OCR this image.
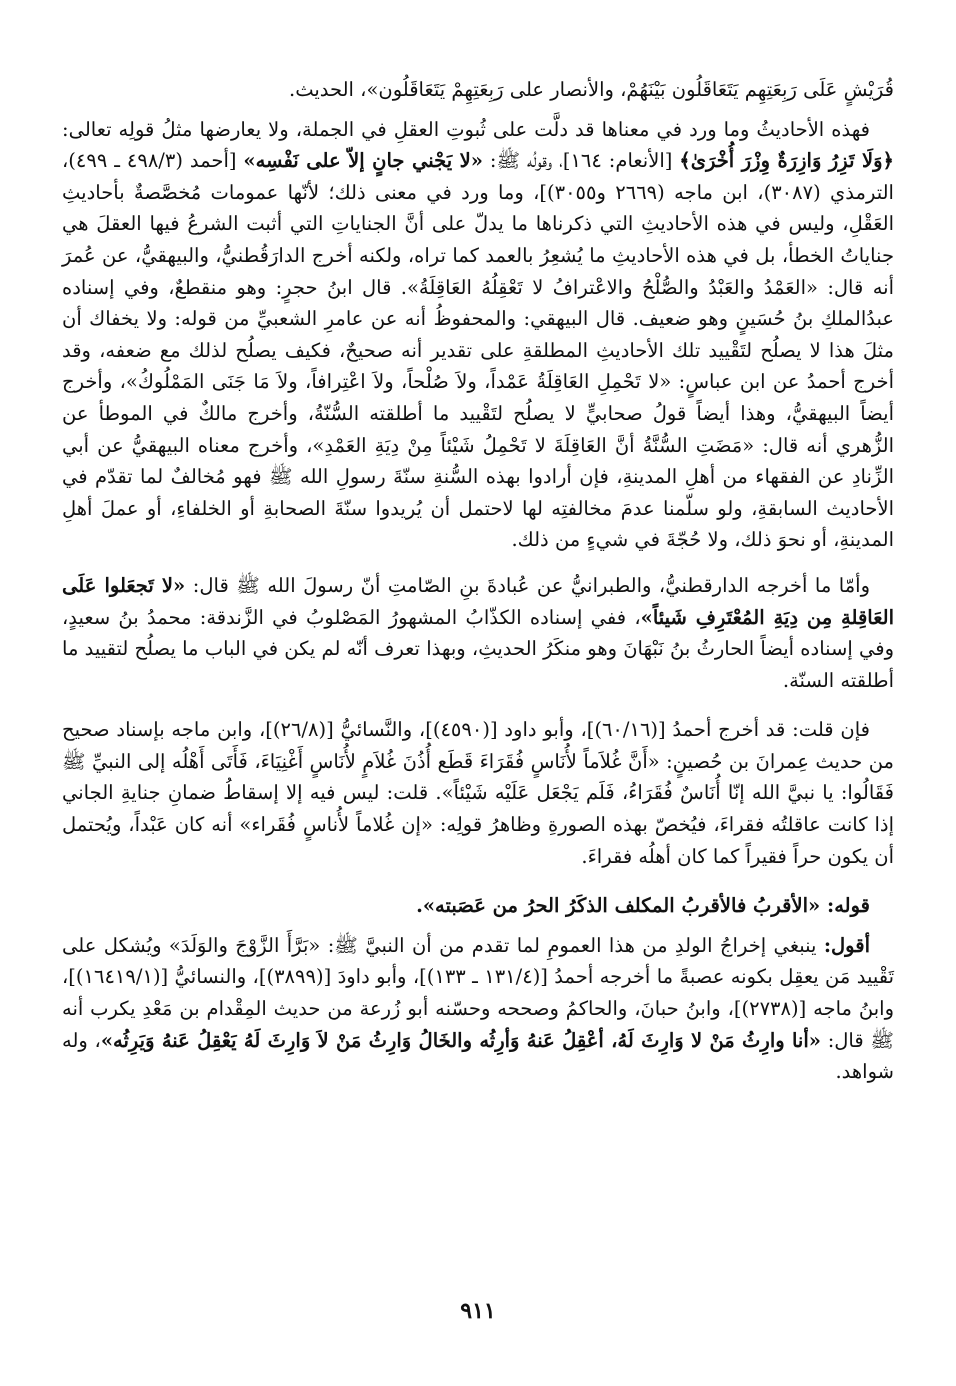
قُرَيْشٍ عَلَى رَبِعَتِهِم يَتَعَاقَلُون بَيْنَهُمْ، والأنصار على رَبِعَتِهِمْ يَتَعَاقَلُون»، الحديث.

فهذه الأحاديثُ وما ورد في معناها قد دلَّت على ثُبوتِ العقلِ في الجملة، ولا يعارضها مثلُ قولِه تعالى: ﴿وَلَا تَزِرُ وَازِرَةٌ وِزْرَ أُخْرَىٰ﴾ [الأنعام: ١٦٤]، وقولُه ﷺ: «لا يَجْني جانٍ إلاّ على نَفْسِه» [أحمد (٤٩٨/٣ ـ ٤٩٩)، الترمذي (٣٠٨٧)، ابن ماجه (٢٦٦٩ و٣٠٥٥)]، وما ورد في معنى ذلك؛ لأنّها عمومات مُخصَّصةٌ بأحاديثِ العَقْلِ، وليس في هذه الأحاديثِ التي ذكرناها ما يدلّ على أنَّ الجناياتِ التي أثبت الشرعُ فيها العقلَ هي جناياتُ الخطأ، بل في هذه الأحاديثِ ما يُشعِرُ بالعمد كما تراه، ولكنه أخرج الدارَقُطنيُّ، والبيهقيُّ، عن عُمرَ أنه قال: «العَمْدُ والعَبْدُ والصُّلْحُ والاعْترافُ لا تَعْقِلُهُ العَاقِلَةُ». قال ابنُ حجرٍ: وهو منقطعٌ، وفي إسناده عبدُالملكِ بنُ حُسَينٍ وهو ضعيف. قال البيهقي: والمحفوظُ أنه عن عامرِ الشعبيِّ من قوله: ولا يخفاك أن مثلَ هذا لا يصلُح لتَقْييد تلك الأحاديثِ المطلقةِ على تقدير أنه صحيحٌ، فكيف يصلُح لذلك مع ضعفه، وقد أخرج أحمدُ عن ابن عباسٍ: «لا تَحْمِلِ العَاقِلَةُ عَمْداً، ولاَ صُلْحاً، ولاَ اعْتِرافاً، ولاَ مَا جَنَى المَمْلُوكُ»، وأخرج أيضاً البيهقيُّ، وهذا أيضاً قولُ صحابيٍّ لا يصلُح لتَقْييد ما أطلقته السُّنّةُ، وأخرج مالكٌ في الموطأ عن الزُّهري أنه قال: «مَضَتِ السُّنَّةُ أنَّ العَاقِلَةَ لا تَحْمِلُ شَيْئاً مِنْ دِيَةِ العَمْدِ»، وأخرج معناه البيهقيُّ عن أبي الزِّنادِ عن الفقهاء من أهلِ المدينةِ، فإن أرادوا بهذه السُّنةِ سنّةَ رسولِ الله ﷺ فهو مُخالفٌ لما تقدّم في الأحاديث السابقةِ، ولو سلّمنا عدمَ مخالفتِه لها لاحتمل أن يُريدوا سنّةَ الصحابةِ أو الخلفاءِ، أو عملَ أهلِ المدينةِ، أو نحوَ ذلك، ولا حُجّةَ في شيءٍ من ذلك.

وأمّا ما أخرجه الدارقطنيُّ، والطبرانيُّ عن عُبادةَ بنِ الصّامتِ أنّ رسولَ الله ﷺ قال: «لا تَجعَلوا عَلَى العَاقِلةِ مِن دِيَةِ المُعْتَرِفِ شَيئاً»، ففي إسناده الكذّابُ المشهورُ المَصْلوبُ في الزَّندقة: محمدُ بنُ سعيدٍ، وفي إسناده أيضاً الحارثُ بنُ نَبْهَانَ وهو منكَرُ الحديثِ، وبهذا تعرف أنّه لم يكن في الباب ما يصلُح لتقييد ما أطلقته السنّة.

فإن قلت: قد أخرج أحمدُ [(٦٠/١٦)]، وأبو داود [(٤٥٩٠)]، والنَّسائيُّ [(٢٦/٨)]، وابن ماجه بإسناد صحيح من حديث عِمرانَ بن حُصينٍ: «أَنَّ غُلاَماً لأُنَاسٍ فُقَرَاءَ قَطَع أُذُنَ غُلاَمٍ لأُنَاسٍ أَغْنِيَاءَ، فَأَتَى أَهْلُه إلى النبيِّ ﷺ فَقَالُوا: يا نبيَّ الله إنّا أُنَاسٌ فُقَرَاءُ، فَلَم يَجْعَل عَلَيْه شَيْئاً». قلت: ليس فيه إلا إسقاطُ ضمانِ جنايةِ الجاني إذا كانت عاقلتُه فقراءَ، فيُخصّ بهذه الصورةِ وظاهرُ قولِه: «إن غُلاماً لأُناسٍ فُقَراء» أنه كان عَبْداً، ويُحتمل أن يكون حراً فقيراً كما كان أهلُه فقراءَ.

قوله: «الأقربُ فالأقربُ المكلف الذكَرُ الحرُ من عَصَبته».

أقول: ينبغي إخراجُ الولدِ من هذا العمومِ لما تقدم من أن النبيَّ ﷺ: «بَرَّأَ الزَّوْجَ والوَلَدَ» ويُشكل على تَقْييد مَن يعقِل بكونه عصبةً ما أخرجه أحمدُ [(١٣١/٤ ـ ١٣٣)]، وأبو داودَ [(٣٨٩٩)]، والنسائيُّ [(١٦٤١٩/١)]، وابنُ ماجه [(٢٧٣٨)]، وابنُ حبانَ، والحاكمُ وصححه وحسّنه أبو زُرعة من حديث المِقْدام بن مَعْدِ يكرب أنه ﷺ قال: «أنا وارِثُ مَنْ لا وَارِثَ لَهُ، أعْقِلُ عَنهُ وَأرِثُه والخَالُ وَارِثُ مَنْ لاَ وَارِثَ لَهُ يَعْقِلُ عَنهُ وَيَرِثُه»، وله شواهد.

٩١١
